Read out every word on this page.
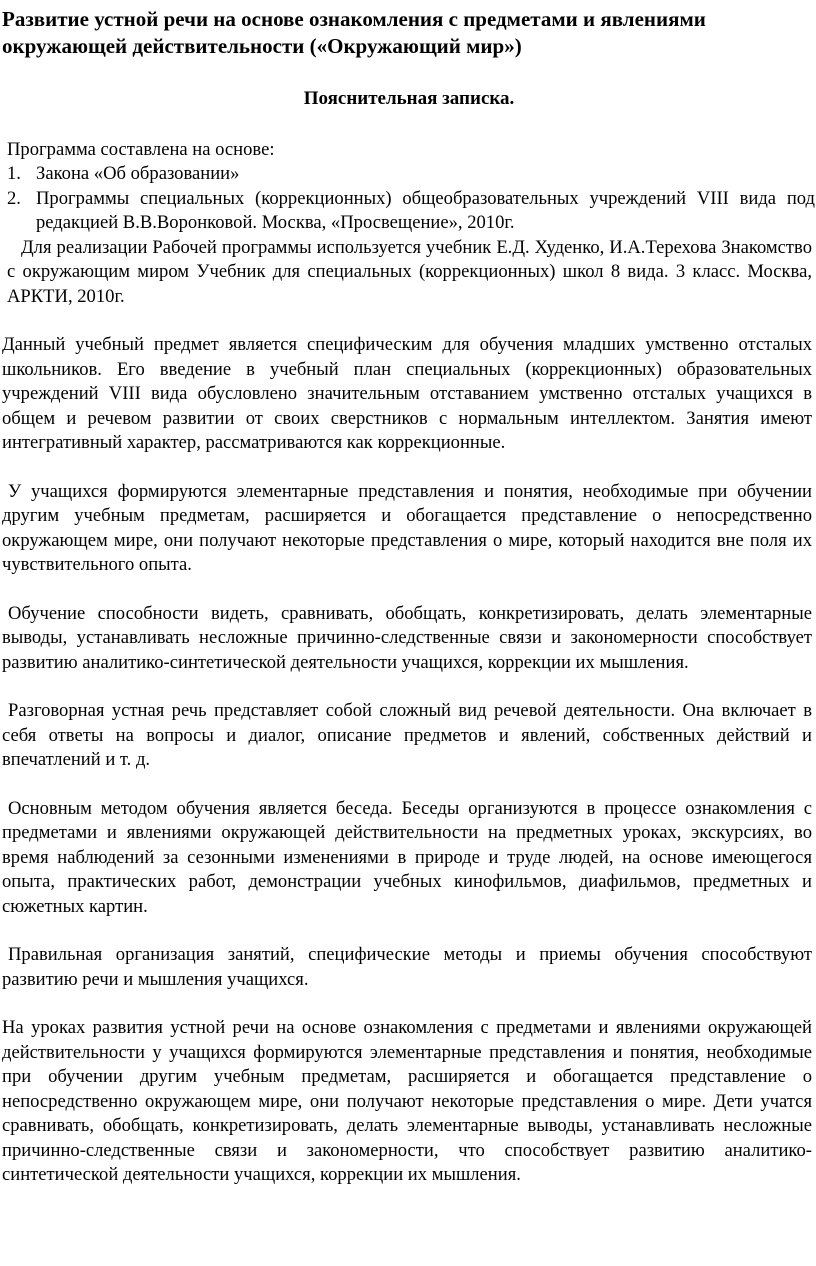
Развитие устной речи на основе ознакомления с предметами и явлениями окружающей действительности («Окружающий мир»)
Пояснительная записка.
Программа составлена на основе:
1. Закона «Об образовании»
2. Программы специальных (коррекционных) общеобразовательных учреждений VIII вида под редакцией В.В.Воронковой. Москва, «Просвещение», 2010г.
Для реализации Рабочей программы используется учебник Е.Д. Худенко, И.А.Терехова Знакомство с окружающим миром Учебник для специальных (коррекционных) школ 8 вида. 3 класс. Москва, АРКТИ, 2010г.
Данный учебный предмет является специфическим для обучения младших умственно отсталых школьников. Его введение в учебный план специальных (коррекционных) образовательных учреждений VIII вида обусловлено значительным отставанием умственно отсталых учащихся в общем и речевом развитии от своих сверстников с нормальным интеллектом. Занятия имеют интегративный характер, рассматриваются как коррекционные.
У учащихся формируются элементарные представления и понятия, необходимые при обучении другим учебным предметам, расширяется и обогащается представление о непосредственно окружающем мире, они получают некоторые представления о мире, который находится вне поля их чувствительного опыта.
Обучение способности видеть, сравнивать, обобщать, конкретизировать, делать элементарные выводы, устанавливать несложные причинно-следственные связи и закономерности способствует развитию аналитико-синтетической деятельности учащихся, коррекции их мышления.
Разговорная устная речь представляет собой сложный вид речевой деятельности. Она включает в себя ответы на вопросы и диалог, описание предметов и явлений, собственных действий и впечатлений и т. д.
Основным методом обучения является беседа. Беседы организуются в процессе ознакомления с предметами и явлениями окружающей действительности на предметных уроках, экскурсиях, во время наблюдений за сезонными изменениями в природе и труде людей, на основе имеющегося опыта, практических работ, демонстрации учебных кинофильмов, диафильмов, предметных и сюжетных картин.
Правильная организация занятий, специфические методы и приемы обучения способствуют развитию речи и мышления учащихся.
На уроках развития устной речи на основе ознакомления с предметами и явлениями окружающей действительности у учащихся формируются элементарные представления и понятия, необходимые при обучении другим учебным предметам, расширяется и обогащается представление о непосредственно окружающем мире, они получают некоторые представления о мире. Дети учатся сравнивать, обобщать, конкретизировать, делать элементарные выводы, устанавливать несложные причинно-следственные связи и закономерности, что способствует развитию аналитико- синтетической деятельности учащихся, коррекции их мышления.
